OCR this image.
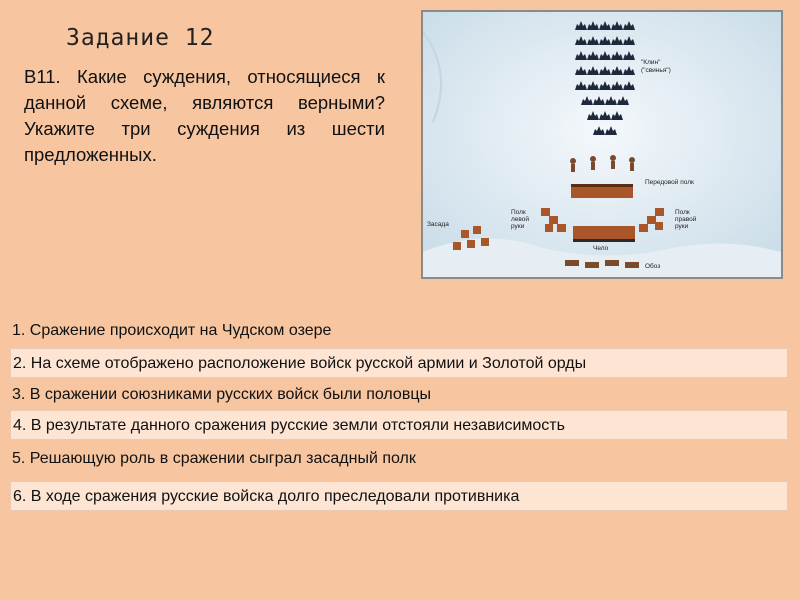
Задание 12
В11. Какие суждения, относящиеся к данной схеме, являются верными? Укажите три суждения из шести предложенных.
"Клин"
("свинья")
Передовой полк
Полк
левой
руки
Полк
правой
руки
Засада
Чело
Обоз
1. Сражение происходит на Чудском озере
2. На схеме отображено расположение войск русской армии и Золотой орды
3. В сражении союзниками русских войск были половцы
4. В результате данного сражения русские земли отстояли независимость
5. Решающую роль в сражении сыграл засадный полк
6. В ходе сражения русские войска долго преследовали противника
